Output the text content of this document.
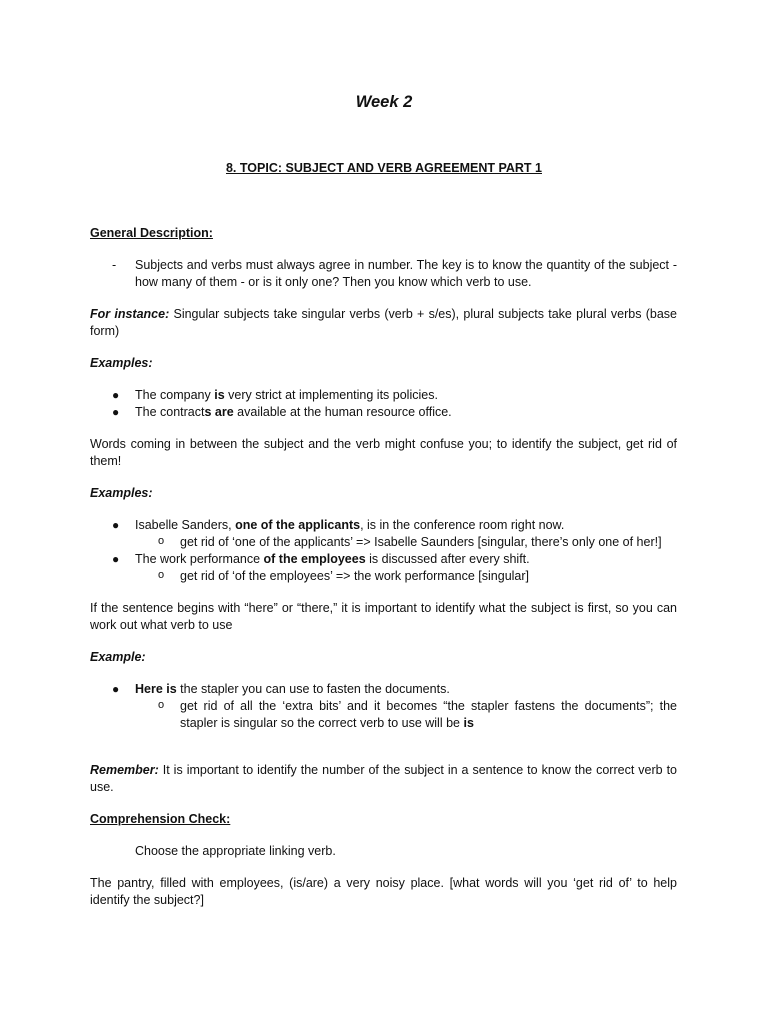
Week 2
8. TOPIC: SUBJECT AND VERB AGREEMENT PART 1

General Description:

- Subjects and verbs must always agree in number. The key is to know the quantity of the subject - how many of them - or is it only one? Then you know which verb to use.

For instance: Singular subjects take singular verbs (verb + s/es), plural subjects take plural verbs (base form)

Examples:

● The company is very strict at implementing its policies.
● The contracts are available at the human resource office.

Words coming in between the subject and the verb might confuse you; to identify the subject, get rid of them!

Examples:

● Isabelle Sanders, one of the applicants, is in the conference room right now.
o get rid of ‘one of the applicants’ => Isabelle Saunders [singular, there’s only one of her!]
● The work performance of the employees is discussed after every shift.
o get rid of ‘of the employees’ => the work performance [singular]

If the sentence begins with “here” or “there,” it is important to identify what the subject is first, so you can work out what verb to use

Example:

● Here is the stapler you can use to fasten the documents.
o get rid of all the ‘extra bits’ and it becomes “the stapler fastens the documents”; the stapler is singular so the correct verb to use will be is

Remember: It is important to identify the number of the subject in a sentence to know the correct verb to use.

Comprehension Check:

Choose the appropriate linking verb.

The pantry, filled with employees, (is/are) a very noisy place. [what words will you ‘get rid of’ to help identify the subject?]
